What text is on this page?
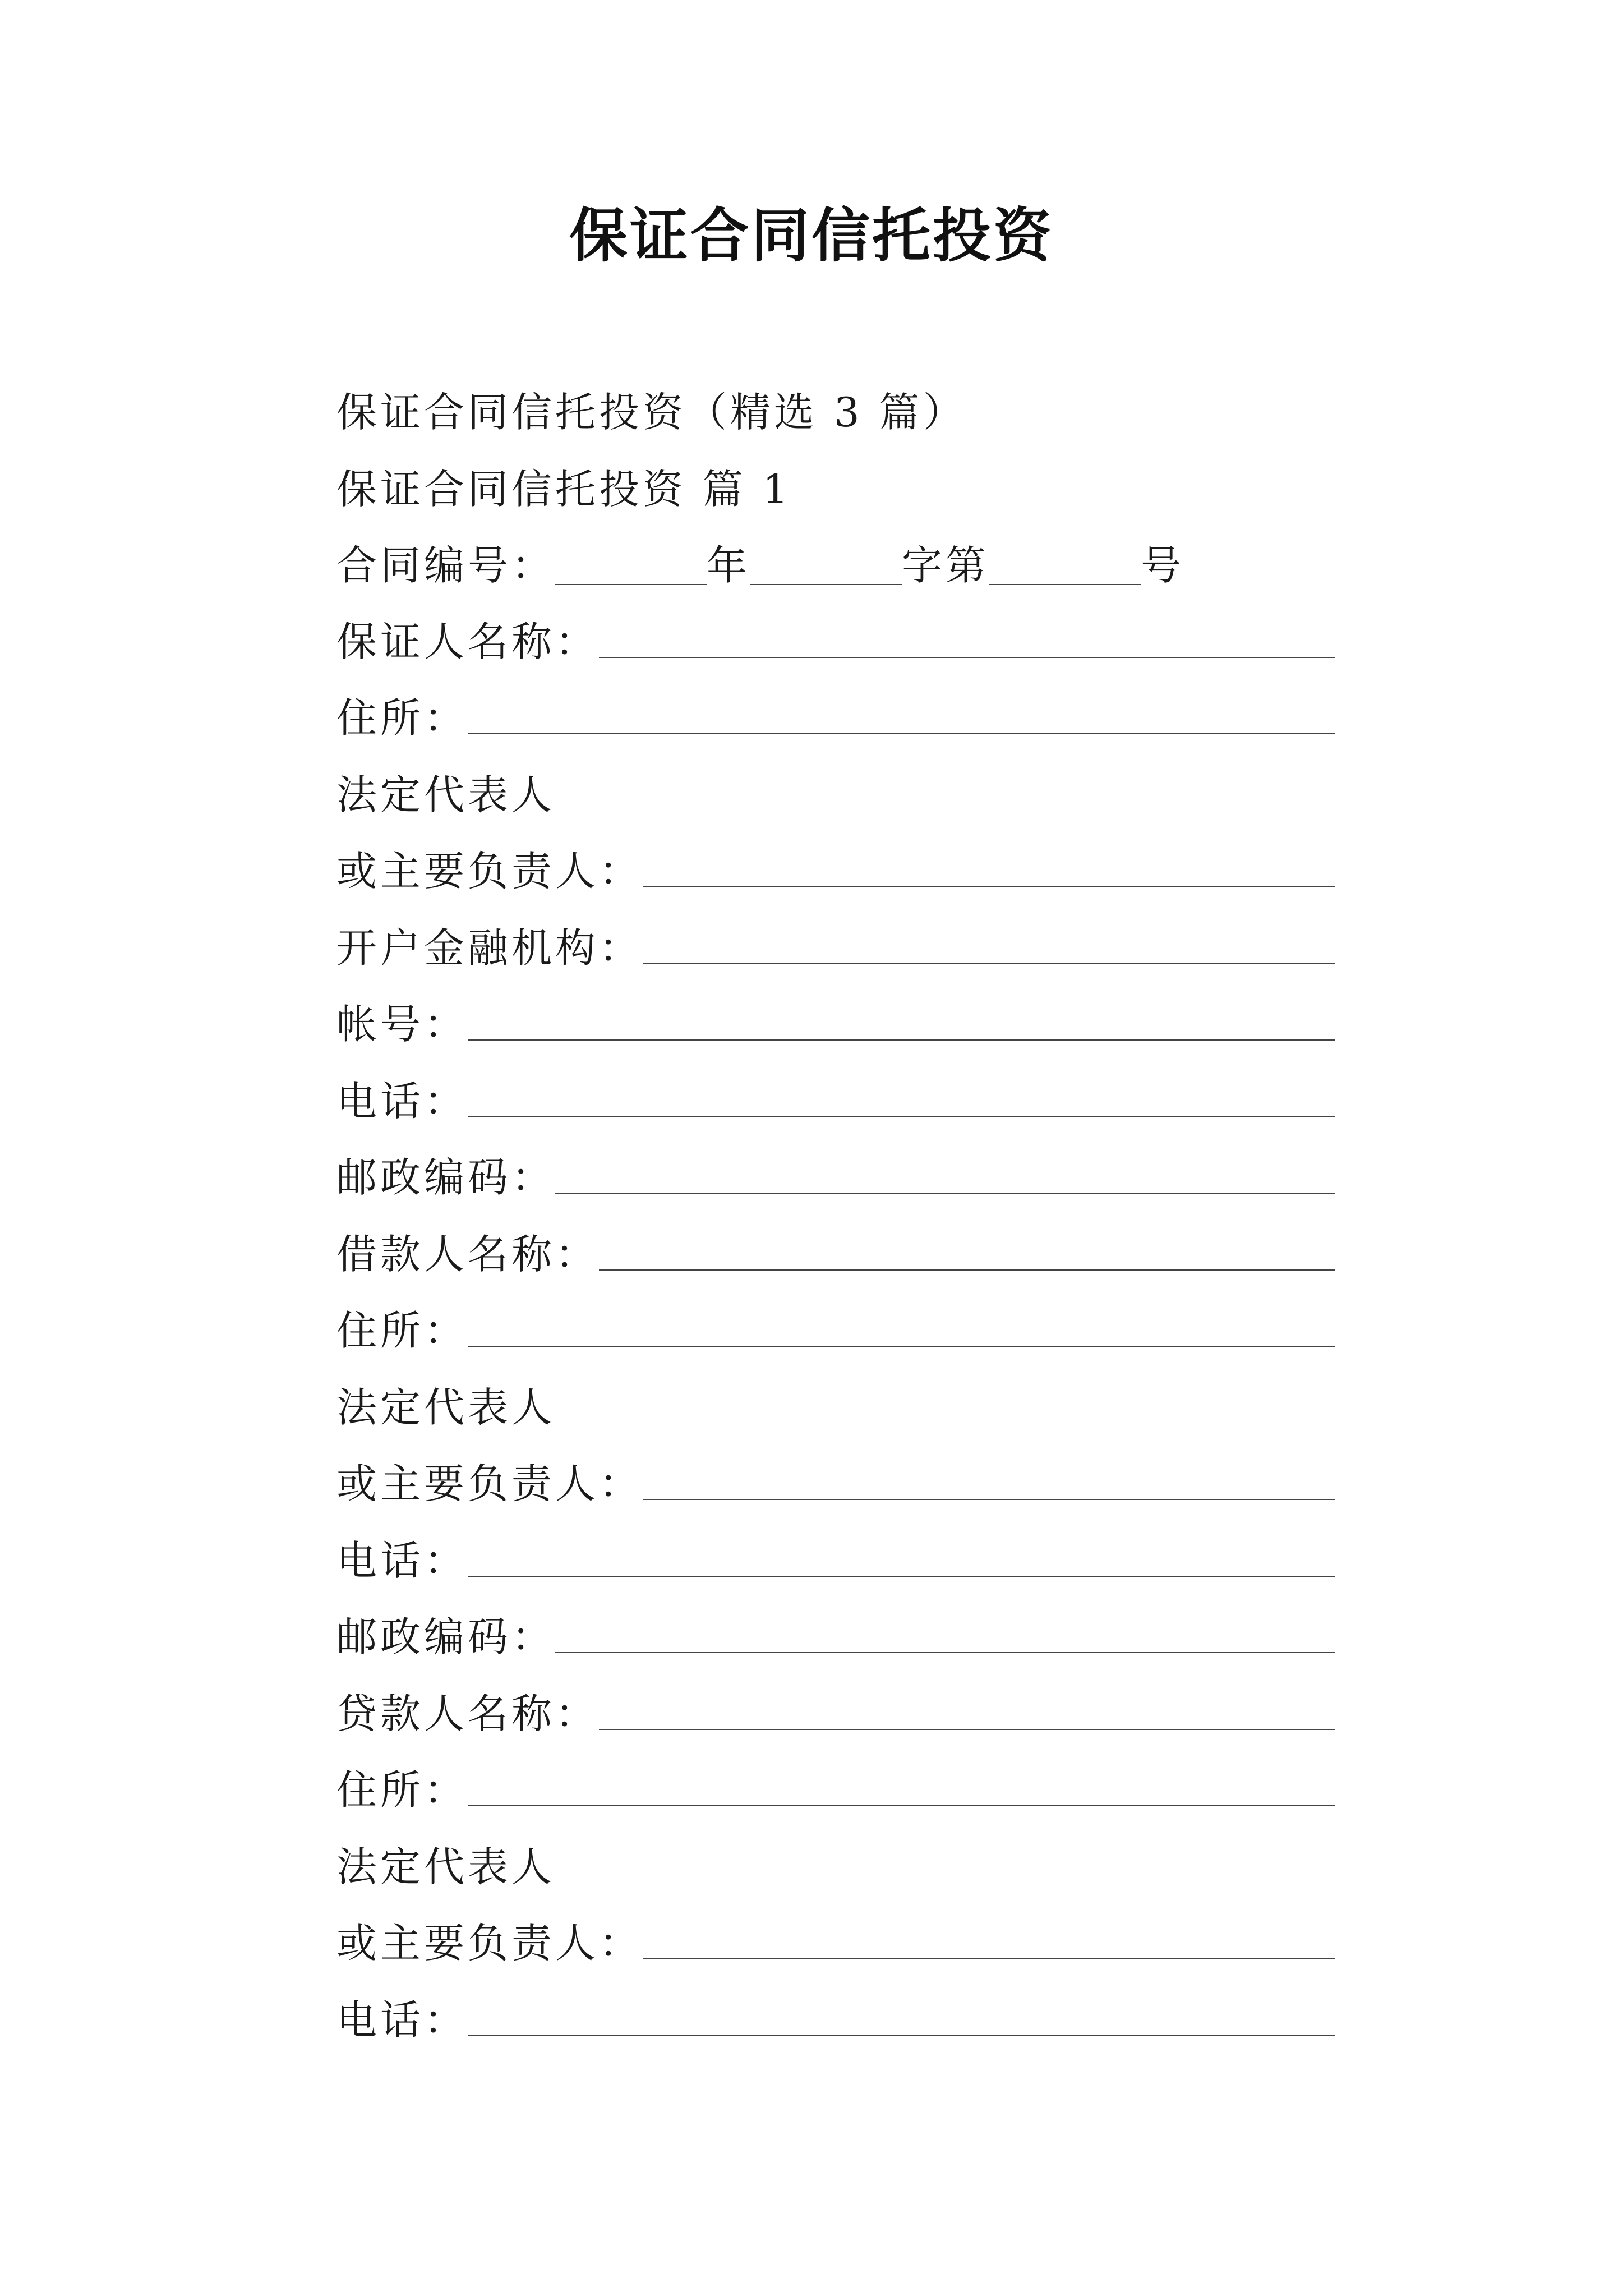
保证合同信托投资
保证合同信托投资（精选 3 篇）
保证合同信托投资 篇 1
合同编号：	年	字第	号
保证人名称：
住所：
法定代表人
或主要负责人：
开户金融机构：
帐号：
电话：
邮政编码：
借款人名称：
住所：
法定代表人
或主要负责人：
电话：
邮政编码：
贷款人名称：
住所：
法定代表人
或主要负责人：
电话：
